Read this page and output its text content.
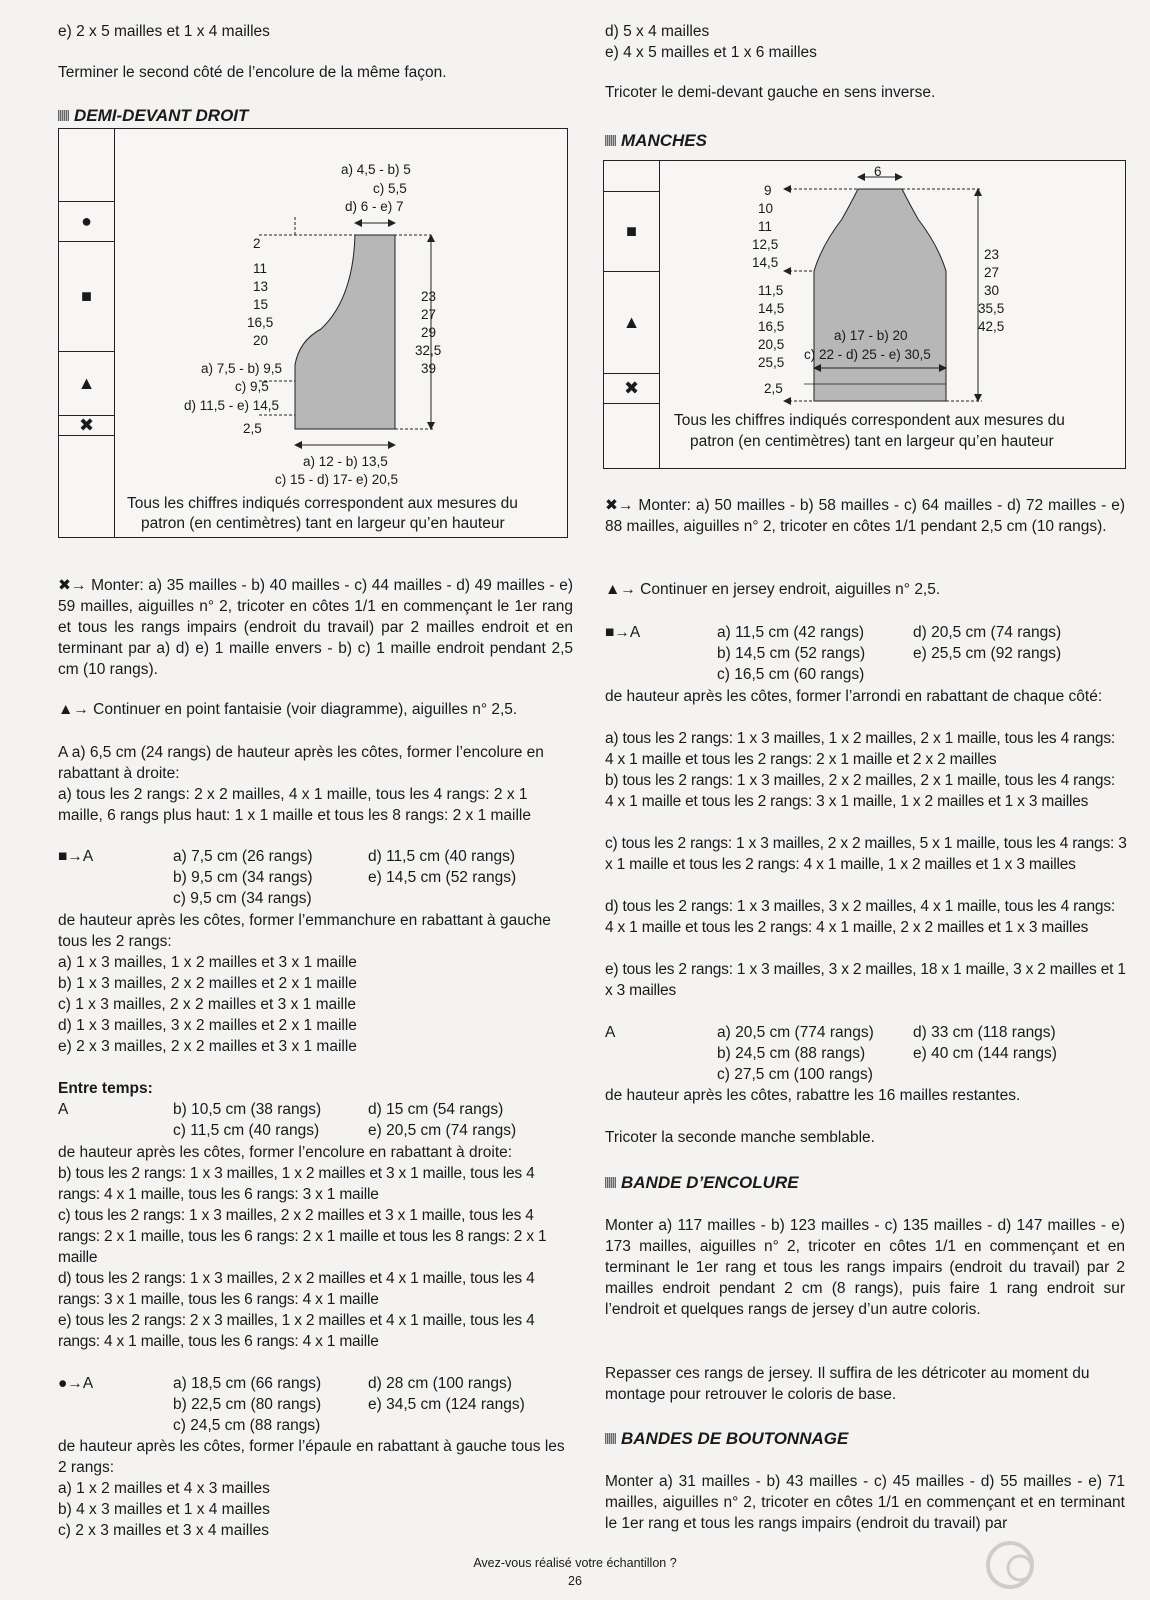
e) 2 x 5 mailles et 1 x 4 mailles

Terminer le second côté de l’encolure de la même façon.

DEMI-DEVANT DROIT
●
■
▲
✖
a) 4,5 - b) 5
c) 5,5
d) 6 - e) 7
2
11
13
15
16,5
20
a) 7,5 - b) 9,5
c) 9,5
d) 11,5 - e) 14,5
2,5
23
27
29
32,5
39
a) 12 - b) 13,5
c) 15 - d) 17- e) 20,5
Tous les chiffres indiqués correspondent aux mesures du
patron (en centimètres) tant en largeur qu’en hauteur

✖→ Monter: a) 35 mailles - b) 40 mailles - c) 44 mailles - d) 49 mailles - e) 59 mailles, aiguilles n° 2, tricoter en côtes 1/1 en commençant le 1er rang et tous les rangs impairs (endroit du travail) par 2 mailles endroit et en terminant par a) d) e) 1 maille envers - b) c) 1 maille endroit pendant 2,5 cm (10 rangs).

▲→ Continuer en point fantaisie (voir diagramme), aiguilles n° 2,5.

A a) 6,5 cm (24 rangs) de hauteur après les côtes, former l’encolure en rabattant à droite:

a) tous les 2 rangs: 2 x 2 mailles, 4 x 1 maille, tous les 4 rangs: 2 x 1 maille, 6 rangs plus haut: 1 x 1 maille et tous les 8 rangs: 2 x 1 maille

■→ A	a) 7,5 cm (26 rangs)	d) 11,5 cm (40 rangs)
b) 9,5 cm (34 rangs)	e) 14,5 cm (52 rangs)
c) 9,5 cm (34 rangs)

de hauteur après les côtes, former l’emmanchure en rabattant à gauche tous les 2 rangs:

a) 1 x 3 mailles, 1 x 2 mailles et 3 x 1 maille

b) 1 x 3 mailles, 2 x 2 mailles et 2 x 1 maille

c) 1 x 3 mailles, 2 x 2 mailles et 3 x 1 maille

d) 1 x 3 mailles, 3 x 2 mailles et 2 x 1 maille

e) 2 x 3 mailles, 2 x 2 mailles et 3 x 1 maille

Entre temps:

A	b) 10,5 cm (38 rangs)	d) 15 cm (54 rangs)
c) 11,5 cm (40 rangs)	e) 20,5 cm (74 rangs)

de hauteur après les côtes, former l’encolure en rabattant à droite:

b) tous les 2 rangs: 1 x 3 mailles, 1 x 2 mailles et 3 x 1 maille, tous les 4 rangs: 4 x 1 maille, tous les 6 rangs: 3 x 1 maille

c) tous les 2 rangs: 1 x 3 mailles, 2 x 2 mailles et 3 x 1 maille, tous les 4 rangs: 2 x 1 maille, tous les 6 rangs: 2 x 1 maille et tous les 8 rangs: 2 x 1 maille

d) tous les 2 rangs: 1 x 3 mailles, 2 x 2 mailles et 4 x 1 maille, tous les 4 rangs: 3 x 1 maille, tous les 6 rangs: 4 x 1 maille

e) tous les 2 rangs: 2 x 3 mailles, 1 x 2 mailles et 4 x 1 maille, tous les 4 rangs: 4 x 1 maille, tous les 6 rangs: 4 x 1 maille

●→ A	a) 18,5 cm (66 rangs)	d) 28 cm (100 rangs)
b) 22,5 cm (80 rangs)	e) 34,5 cm (124 rangs)
c) 24,5 cm (88 rangs)

de hauteur après les côtes, former l’épaule en rabattant à gauche tous les 2 rangs:

a) 1 x 2 mailles et 4 x 3 mailles

b) 4 x 3 mailles et 1 x 4 mailles

c) 2 x 3 mailles et 3 x 4 mailles

d) 5 x 4 mailles

e) 4 x 5 mailles et 1 x 6 mailles

Tricoter le demi-devant gauche en sens inverse.

MANCHES
■
▲
✖
6
9
10
11
12,5
14,5
11,5
14,5
16,5
20,5
25,5
2,5
23
27
30
35,5
42,5
a) 17 - b) 20
c) 22 - d) 25 - e) 30,5
Tous les chiffres indiqués correspondent aux mesures du
patron (en centimètres) tant en largeur qu’en hauteur

✖→ Monter: a) 50 mailles - b) 58 mailles - c) 64 mailles - d) 72 mailles - e) 88 mailles, aiguilles n° 2, tricoter en côtes 1/1 pendant 2,5 cm (10 rangs).

▲→ Continuer en jersey endroit, aiguilles n° 2,5.

■→ A	a) 11,5 cm (42 rangs)	d) 20,5 cm (74 rangs)
b) 14,5 cm (52 rangs)	e) 25,5 cm (92 rangs)
c) 16,5 cm (60 rangs)

de hauteur après les côtes, former l’arrondi en rabattant de chaque côté:

a) tous les 2 rangs: 1 x 3 mailles, 1 x 2 mailles, 2 x 1 maille, tous les 4 rangs: 4 x 1 maille et tous les 2 rangs: 2 x 1 maille et 2 x 2 mailles

b) tous les 2 rangs: 1 x 3 mailles, 2 x 2 mailles, 2 x 1 maille, tous les 4 rangs: 4 x 1 maille et tous les 2 rangs: 3 x 1 maille, 1 x 2 mailles et 1 x 3 mailles

c) tous les 2 rangs: 1 x 3 mailles, 2 x 2 mailles, 5 x 1 maille, tous les 4 rangs: 3 x 1 maille et tous les 2 rangs: 4 x 1 maille, 1 x 2 mailles et 1 x 3 mailles

d) tous les 2 rangs: 1 x 3 mailles, 3 x 2 mailles, 4 x 1 maille, tous les 4 rangs: 4 x 1 maille et tous les 2 rangs: 4 x 1 maille, 2 x 2 mailles et 1 x 3 mailles

e) tous les 2 rangs: 1 x 3 mailles, 3 x 2 mailles, 18 x 1 maille, 3 x 2 mailles et 1 x 3 mailles

A	a) 20,5 cm (774 rangs)	d) 33 cm (118 rangs)
b) 24,5 cm (88 rangs)	e) 40 cm (144 rangs)
c) 27,5 cm (100 rangs)

de hauteur après les côtes, rabattre les 16 mailles restantes.

Tricoter la seconde manche semblable.

BANDE D’ENCOLURE

Monter a) 117 mailles - b) 123 mailles - c) 135 mailles - d) 147 mailles - e) 173 mailles, aiguilles n° 2, tricoter en côtes 1/1 en commençant et en terminant le 1er rang et tous les rangs impairs (endroit du travail) par 2 mailles endroit pendant 2 cm (8 rangs), puis faire 1 rang endroit sur l’endroit et quelques rangs de jersey d’un autre coloris.

Repasser ces rangs de jersey. Il suffira de les détricoter au moment du montage pour retrouver le coloris de base.

BANDES DE BOUTONNAGE

Monter a) 31 mailles - b) 43 mailles - c) 45 mailles - d) 55 mailles - e) 71 mailles, aiguilles n° 2, tricoter en côtes 1/1 en commençant et en terminant le 1er rang et tous les rangs impairs (endroit du travail) par

Avez-vous réalisé votre échantillon ?
26
